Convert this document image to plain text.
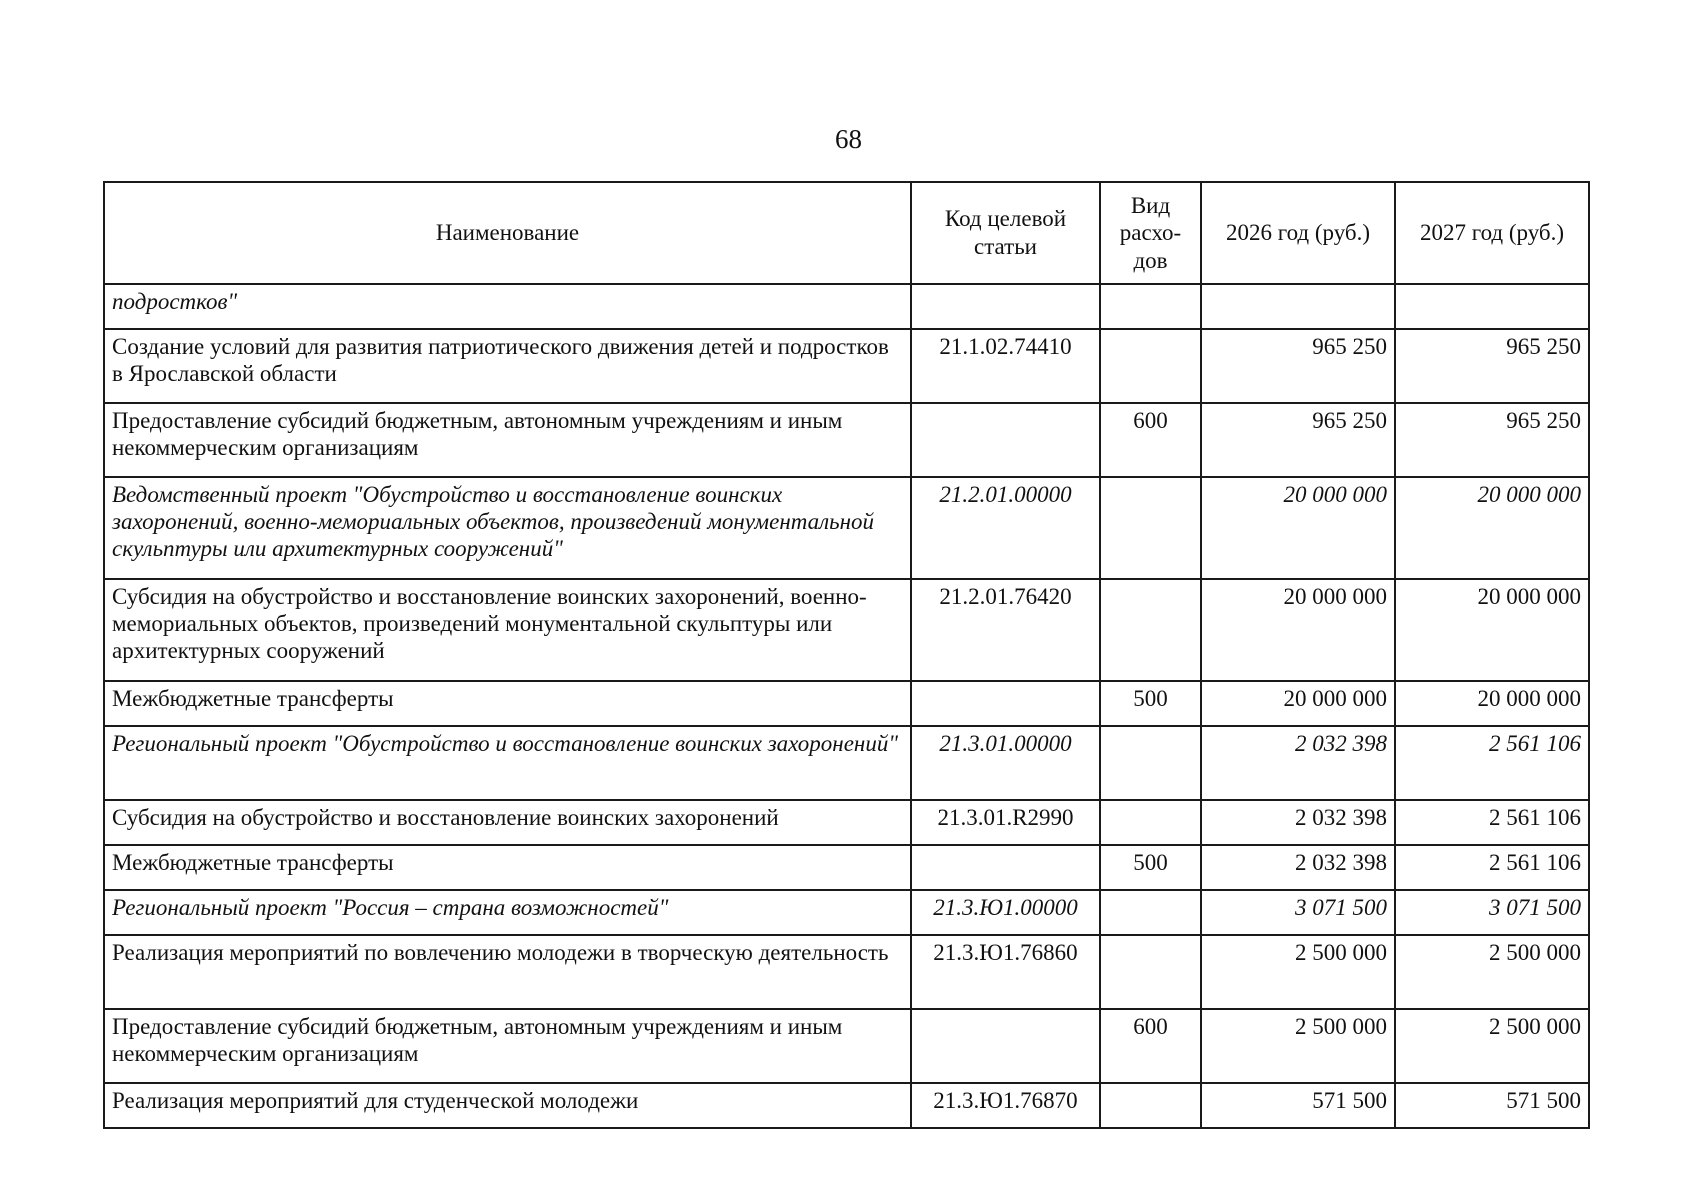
68
Наименование	Код целевой статьи	Вид расхо-дов	2026 год (руб.)	2027 год (руб.)
подростков"				
Создание условий для развития патриотического движения детей и подростков в Ярославской области	21.1.02.74410		965 250	965 250
Предоставление субсидий бюджетным, автономным учреждениям и иным некоммерческим организациям		600	965 250	965 250
Ведомственный проект "Обустройство и восстановление воинских захоронений, военно-мемориальных объектов, произведений монументальной скульптуры или архитектурных сооружений"	21.2.01.00000		20 000 000	20 000 000
Субсидия на обустройство и восстановление воинских захоронений, военно-мемориальных объектов, произведений монументальной скульптуры или архитектурных сооружений	21.2.01.76420		20 000 000	20 000 000
Межбюджетные трансферты		500	20 000 000	20 000 000
Региональный проект "Обустройство и восстановление воинских захоронений"	21.3.01.00000		2 032 398	2 561 106
Субсидия на обустройство и восстановление воинских захоронений	21.3.01.R2990		2 032 398	2 561 106
Межбюджетные трансферты		500	2 032 398	2 561 106
Региональный проект "Россия – страна возможностей"	21.3.Ю1.00000		3 071 500	3 071 500
Реализация мероприятий по вовлечению молодежи в творческую деятельность	21.3.Ю1.76860		2 500 000	2 500 000
Предоставление субсидий бюджетным, автономным учреждениям и иным некоммерческим организациям		600	2 500 000	2 500 000
Реализация мероприятий для студенческой молодежи	21.3.Ю1.76870		571 500	571 500
